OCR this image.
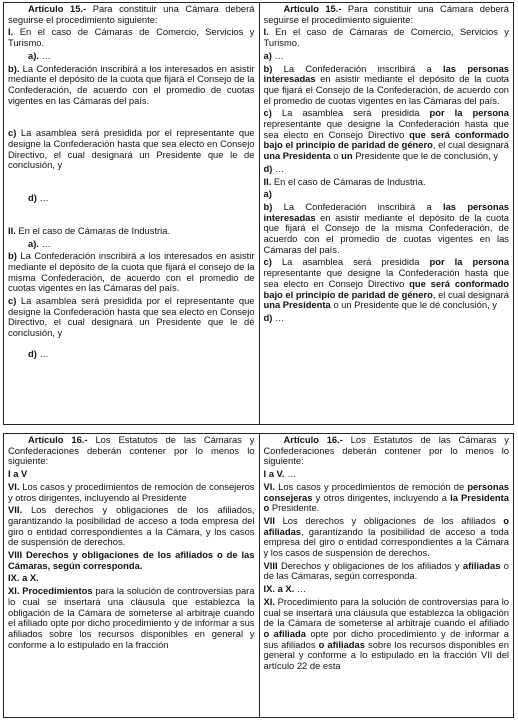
Artículo 15.- Para constituir una Cámara deberá seguirse el procedimiento siguiente:

I. En el caso de Cámaras de Comercio, Servicios y Turismo.

a). …

b). La Confederación inscribirá a los interesados en asistir mediante el depósito de la cuota que fijará el Consejo de la Confederación, de acuerdo con el promedio de cuotas vigentes en las Cámaras del país.

c) La asamblea será presidida por el representante que designe la Confederación hasta que sea electo en Consejo Directivo, el cual designará un Presidente que le de conclusión, y

d) …

II. En el caso de Cámaras de Industria.

a). …

b) La Confederación inscribirá a los interesados en asistir mediante el depósito de la cuota que fijará el consejo de la misma Confederación, de acuerdo con el promedio de cuotas vigentes en las Cámaras del país.

c) La asamblea será presidida por el representante que designe la Confederación hasta que sea electo en Consejo Directivo, el cual designará un Presidente que le dé conclusión, y

d) …

Artículo 15.- Para constituir una Cámara deberá seguirse el procedimiento siguiente:

I. En el caso de Cámaras de Comercio, Servicios y Turismo.

a) …

b) La Confederación inscribirá a las personas interesadas en asistir mediante el depósito de la cuota que fijará el Consejo de la Confederación, de acuerdo con el promedio de cuotas vigentes en las Cámaras del país.

c) La asamblea será presidida por la persona representante que designe la Confederación hasta que sea electo en Consejo Directivo que será conformado bajo el principio de paridad de género, el cual designará una Presidenta o un Presidente que le de conclusión, y

d) …

II. En el caso de Cámaras de Industria.

a)

b) La Confederación inscribirá a las personas interesadas en asistir mediante el depósito de la cuota que fijará el Consejo de la misma Confederación, de acuerdo con el promedio de cuotas vigentes en las Cámaras del país.

c) La asamblea será presidida por la persona representante que designe la Confederación hasta que sea electo en Consejo Directivo que será conformado bajo el principio de paridad de género, el cual designará una Presidenta o un Presidente que le dé conclusión, y

d) …

Artículo 16.- Los Estatutos de las Cámaras y Confederaciones deberán contener por lo menos lo siguiente:

I a V

VI. Los casos y procedimientos de remoción de consejeros y otros dirigentes, incluyendo al Presidente

VII. Los derechos y obligaciones de los afiliados, garantizando la posibilidad de acceso a toda empresa del giro o entidad correspondientes a la Cámara, y los casos de suspensión de derechos.

VIII Derechos y obligaciones de los afiliados o de las Cámaras, según corresponda.

IX. a X.

XI. Procedimientos para la solución de controversias para lo cual se insertará una cláusula que establezca la obligación de la Cámara de someterse al arbitraje cuando el afiliado opte por dicho procedimiento y de informar a sus afiliados sobre los recursos disponibles en general y conforme a lo estipulado en la fracción

Artículo 16.- Los Estatutos de las Cámaras y Confederaciones deberán contener por lo menos lo siguiente:

I a V. …

VI. Los casos y procedimientos de remoción de personas consejeras y otros dirigentes, incluyendo a la Presidenta o Presidente.

VII Los derechos y obligaciones de los afiliados o afiliadas, garantizando la posibilidad de acceso a toda empresa del giro o entidad correspondientes a la Cámara y los casos de suspensión de derechos.

VIII Derechos y obligaciones de los afiliados y afiliadas o de las Cámaras, según corresponda.

IX. a X. …

XI. Procedimiento para la solución de controversias para lo cual se insertará una cláusula que establezca la obligación de la Cámara de someterse al arbitraje cuando el afiliado o afiliada opte por dicho procedimiento y de informar a sus afiliados o afiliadas sobre los recursos disponibles en general y conforme a lo estipulado en la fracción VII del artículo 22 de esta
